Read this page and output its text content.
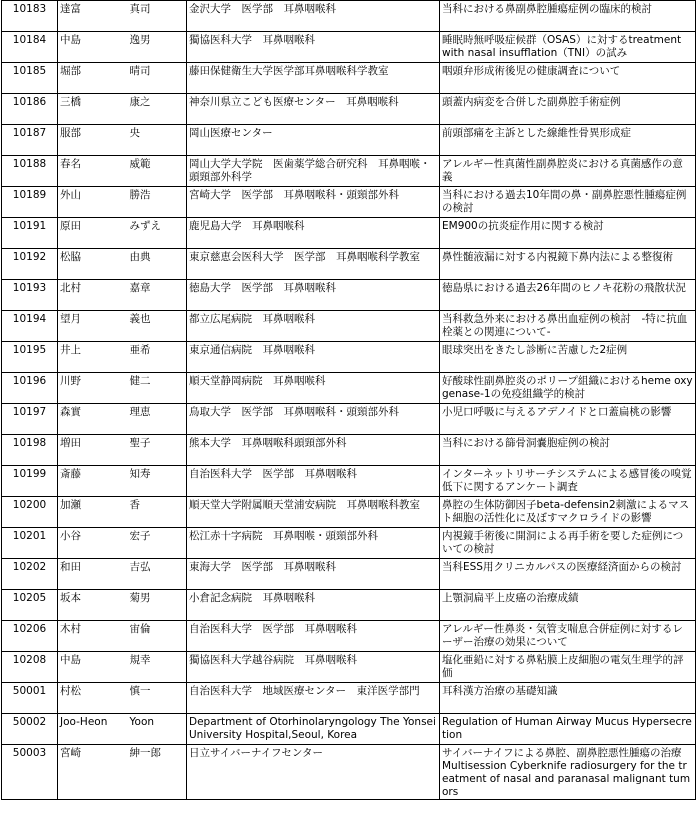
10183	達富	真司	金沢大学　医学部　耳鼻咽喉科	当科における鼻副鼻腔腫瘍症例の臨床的検討
10184	中島	逸男	獨協医科大学　耳鼻咽喉科	睡眠時無呼吸症候群（OSAS）に対するtreatment with nasal insufflation（TNI）の試み
10185	堀部	晴司	藤田保健衛生大学医学部耳鼻咽喉科学教室	咽頭弁形成術後児の健康調査について
10186	三橋	康之	神奈川県立こども医療センター　耳鼻咽喉科	頭蓋内病変を合併した副鼻腔手術症例
10187	服部	央	岡山医療センター	前頭部痛を主訴とした線維性骨異形成症
10188	春名	威範	岡山大学大学院　医歯薬学総合研究科　耳鼻咽喉・頭頸部外科学	アレルギー性真菌性副鼻腔炎における真菌感作の意義
10189	外山	勝浩	宮崎大学　医学部　耳鼻咽喉科・頭頸部外科	当科における過去10年間の鼻・副鼻腔悪性腫瘍症例の検討
10191	原田	みずえ	鹿児島大学　耳鼻咽喉科	EM900の抗炎症作用に関する検討
10192	松脇	由典	東京慈恵会医科大学　医学部　耳鼻咽喉科学教室	鼻性髄液漏に対する内視鏡下鼻内法による整復術
10193	北村	嘉章	徳島大学　医学部　耳鼻咽喉科	徳島県における過去26年間のヒノキ花粉の飛散状況
10194	望月	義也	都立広尾病院　耳鼻咽喉科	当科救急外来における鼻出血症例の検討　-特に抗血栓薬との関連について-
10195	井上	亜希	東京通信病院　耳鼻咽喉科	眼球突出をきたし診断に苦慮した2症例
10196	川野	健二	順天堂静岡病院　耳鼻咽喉科	好酸球性副鼻腔炎のポリープ組織におけるheme oxygenase-1の免疫組織学的検討
10197	森實	理恵	鳥取大学　医学部　耳鼻咽喉科・頭頸部外科	小児口呼吸に与えるアデノイドと口蓋扁桃の影響
10198	増田	聖子	熊本大学　耳鼻咽喉科頭頸部外科	当科における篩骨洞嚢胞症例の検討
10199	斎藤	知寿	自治医科大学　医学部　耳鼻咽喉科	インターネットリサーチシステムによる感冒後の嗅覚低下に関するアンケート調査
10200	加瀬	香	順天堂大学附属順天堂浦安病院　耳鼻咽喉科教室	鼻腔の生体防御因子beta-defensin2刺激によるマスト細胞の活性化に及ぼすマクロライドの影響
10201	小谷	宏子	松江赤十字病院　耳鼻咽喉・頭頸部外科	内視鏡手術後に開洞による再手術を要した症例についての検討
10202	和田	吉弘	東海大学　医学部　耳鼻咽喉科	当科ESS用クリニカルパスの医療経済面からの検討
10205	坂本	菊男	小倉記念病院　耳鼻咽喉科	上顎洞扁平上皮癌の治療成績
10206	木村	宙倫	自治医科大学　医学部　耳鼻咽喉科	アレルギー性鼻炎・気管支喘息合併症例に対するレーザー治療の効果について
10208	中島	規幸	獨協医科大学越谷病院　耳鼻咽喉科	塩化亜鉛に対する鼻粘膜上皮細胞の電気生理学的評価
50001	村松	慎一	自治医科大学　地域医療センター　東洋医学部門	耳科漢方治療の基礎知識
50002	Joo-Heon	Yoon	Department of Otorhinolaryngology The Yonsei University Hospital,Seoul, Korea	Regulation of Human Airway Mucus Hypersecretion
50003	宮崎	紳一郎	日立サイバーナイフセンター	サイバーナイフによる鼻腔、副鼻腔悪性腫瘍の治療　Multisession Cyberknife radiosurgery for the treatment of nasal and paranasal malignant tumors
